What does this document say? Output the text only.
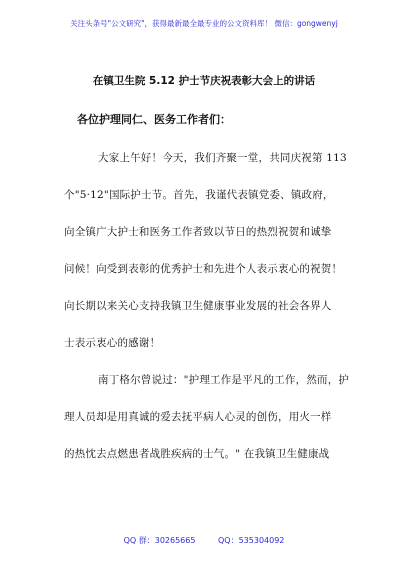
关注头条号"公文研究"，获得最新最全最专业的公文资料库！ 微信：gongwenyj
在镇卫生院 5.12 护士节庆祝表彰大会上的讲话
各位护理同仁、医务工作者们：
大家上午好！今天，我们齐聚一堂，共同庆祝第 113
个"5·12"国际护士节。首先，我谨代表镇党委、镇政府，
向全镇广大护士和医务工作者致以节日的热烈祝贺和诚挚
问候！向受到表彰的优秀护士和先进个人表示衷心的祝贺！
向长期以来关心支持我镇卫生健康事业发展的社会各界人
士表示衷心的感谢！
南丁格尔曾说过："护理工作是平凡的工作，然而，护
理人员却是用真诚的爱去抚平病人心灵的创伤，用火一样
的热忱去点燃患者战胜疾病的士气。" 在我镇卫生健康战
QQ 群：30265665	QQ：535304092
